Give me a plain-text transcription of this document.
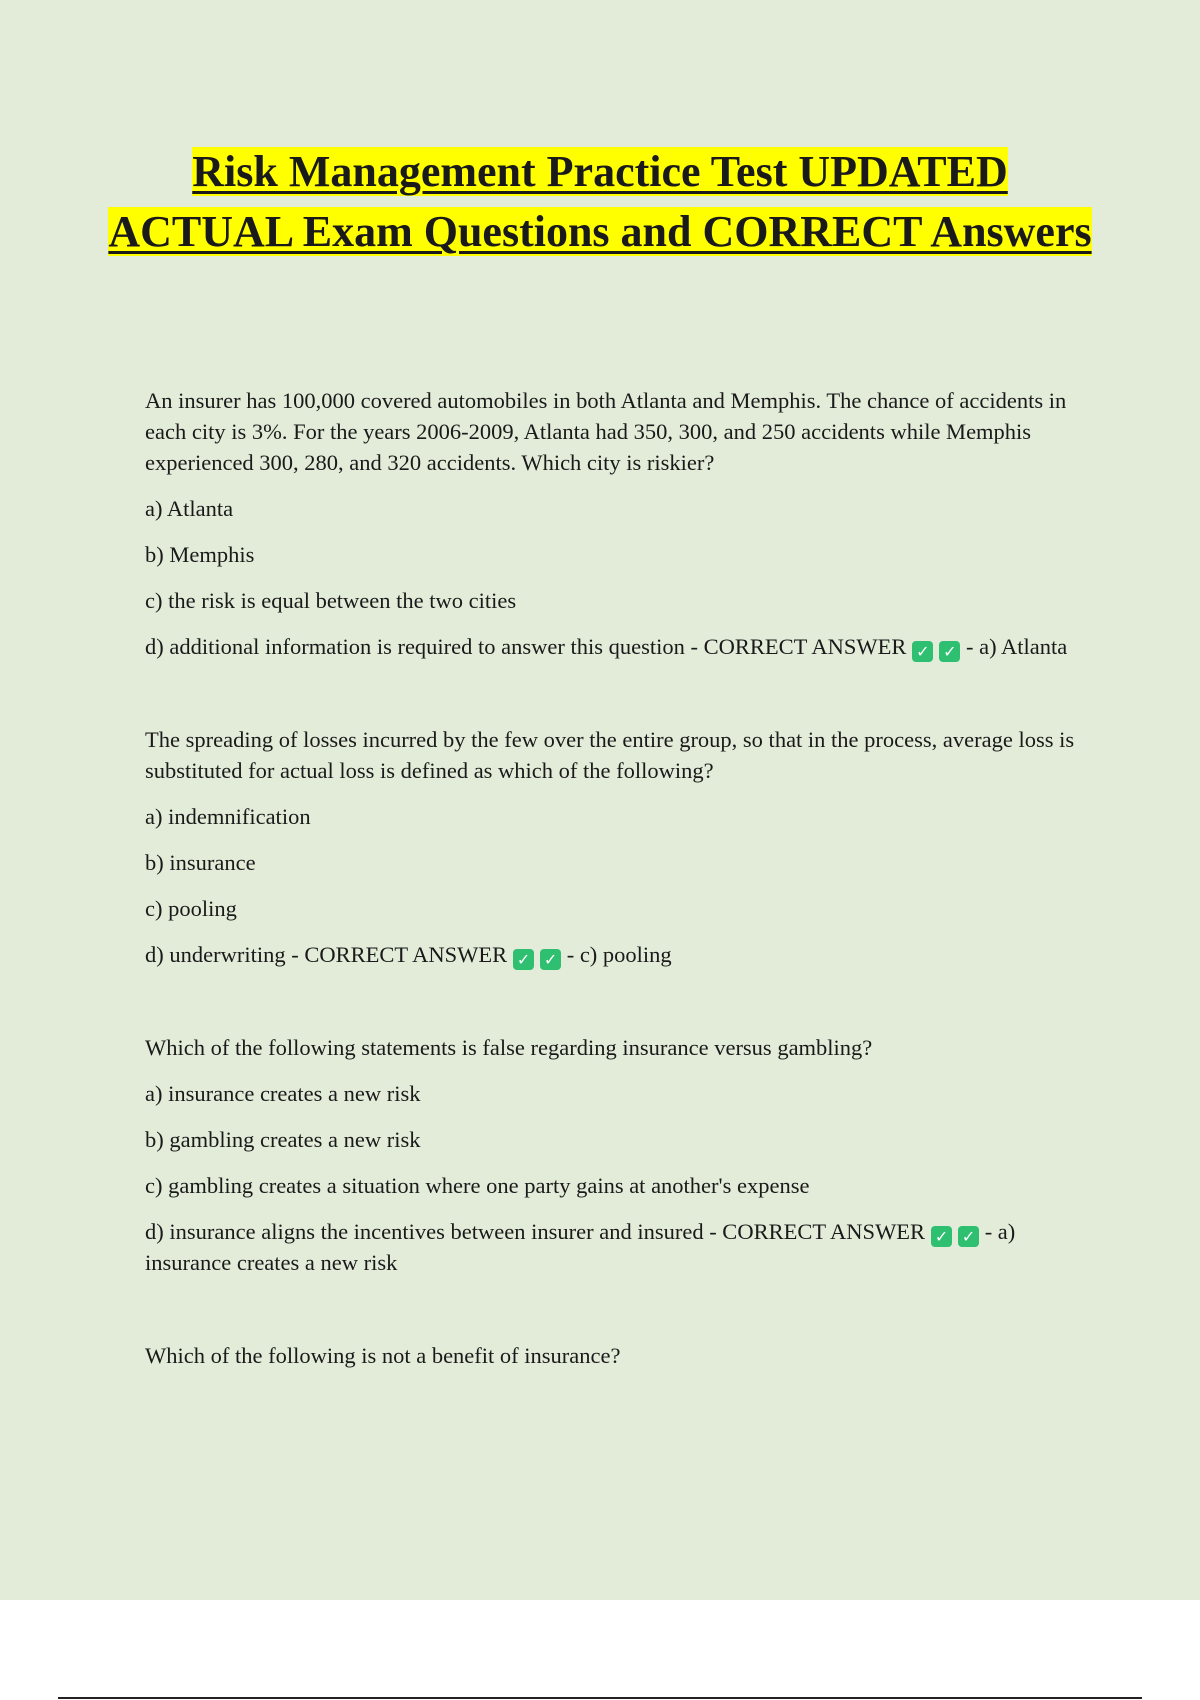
Risk Management Practice Test UPDATED ACTUAL Exam Questions and CORRECT Answers

An insurer has 100,000 covered automobiles in both Atlanta and Memphis. The chance of accidents in each city is 3%. For the years 2006-2009, Atlanta had 350, 300, and 250 accidents while Memphis experienced 300, 280, and 320 accidents. Which city is riskier?

a) Atlanta

b) Memphis

c) the risk is equal between the two cities

d) additional information is required to answer this question - CORRECT ANSWER ✓ ✓ - a) Atlanta

The spreading of losses incurred by the few over the entire group, so that in the process, average loss is substituted for actual loss is defined as which of the following?

a) indemnification

b) insurance

c) pooling

d) underwriting - CORRECT ANSWER ✓ ✓ - c) pooling

Which of the following statements is false regarding insurance versus gambling?

a) insurance creates a new risk

b) gambling creates a new risk

c) gambling creates a situation where one party gains at another's expense

d) insurance aligns the incentives between insurer and insured - CORRECT ANSWER ✓ ✓ - a) insurance creates a new risk

Which of the following is not a benefit of insurance?
